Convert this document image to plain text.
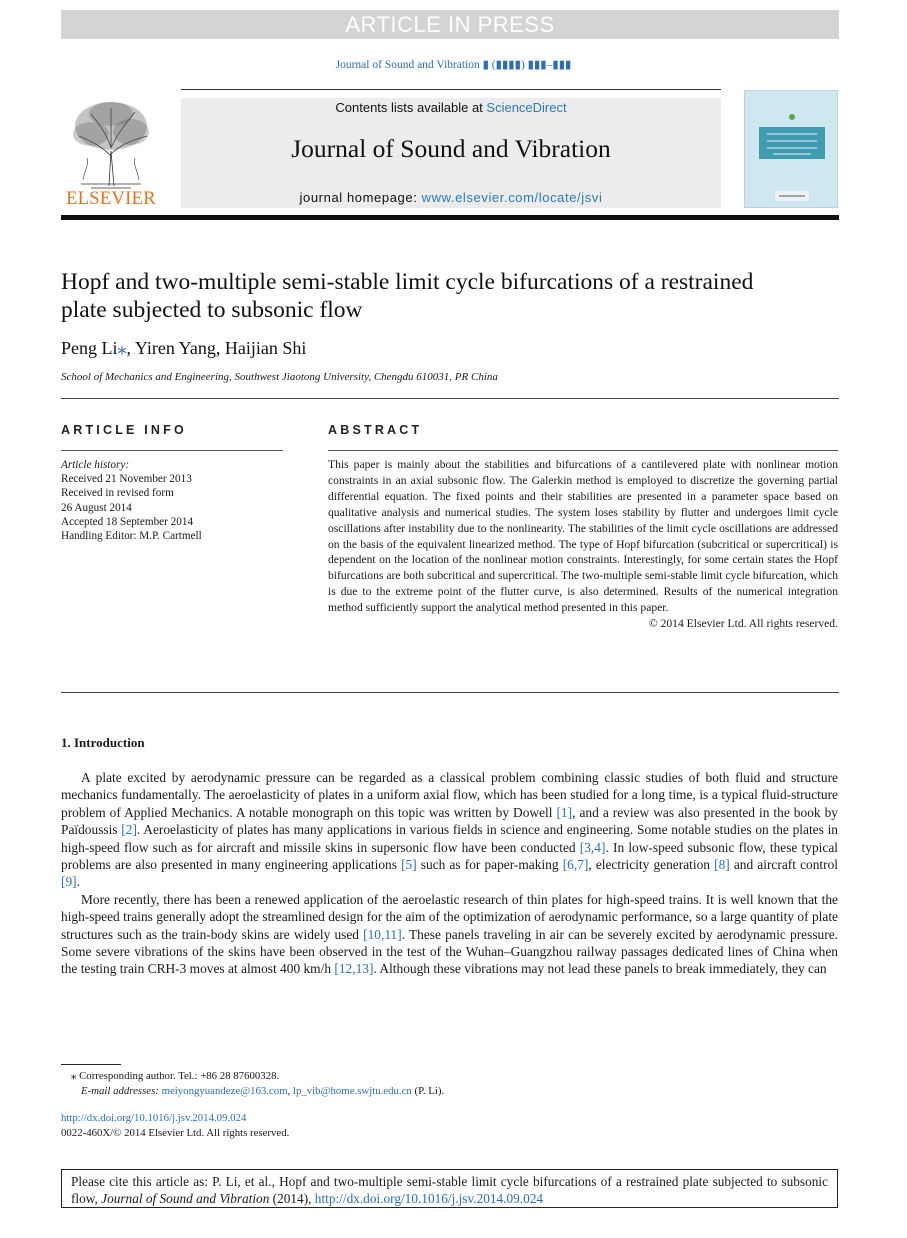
ARTICLE IN PRESS
Journal of Sound and Vibration ▮ (▮▮▮▮) ▮▮▮–▮▮▮
ELSEVIER
Contents lists available at ScienceDirect
Journal of Sound and Vibration
journal homepage: www.elsevier.com/locate/jsvi
Hopf and two-multiple semi-stable limit cycle bifurcations of a restrained plate subjected to subsonic flow
Peng Li⁎, Yiren Yang, Haijian Shi
School of Mechanics and Engineering, Southwest Jiaotong University, Chengdu 610031, PR China
ARTICLE INFO
Article history:
Received 21 November 2013
Received in revised form
26 August 2014
Accepted 18 September 2014
Handling Editor: M.P. Cartmell
ABSTRACT
This paper is mainly about the stabilities and bifurcations of a cantilevered plate with nonlinear motion constraints in an axial subsonic flow. The Galerkin method is employed to discretize the governing partial differential equation. The fixed points and their stabilities are presented in a parameter space based on qualitative analysis and numerical studies. The system loses stability by flutter and undergoes limit cycle oscillations after instability due to the nonlinearity. The stabilities of the limit cycle oscillations are addressed on the basis of the equivalent linearized method. The type of Hopf bifurcation (subcritical or supercritical) is dependent on the location of the nonlinear motion constraints. Interestingly, for some certain states the Hopf bifurcations are both subcritical and supercritical. The two-multiple semi-stable limit cycle bifurcation, which is due to the extreme point of the flutter curve, is also determined. Results of the numerical integration method sufficiently support the analytical method presented in this paper.
© 2014 Elsevier Ltd. All rights reserved.
1. Introduction

A plate excited by aerodynamic pressure can be regarded as a classical problem combining classic studies of both fluid and structure mechanics fundamentally. The aeroelasticity of plates in a uniform axial flow, which has been studied for a long time, is a typical fluid-structure problem of Applied Mechanics. A notable monograph on this topic was written by Dowell [1], and a review was also presented in the book by Païdoussis [2]. Aeroelasticity of plates has many applications in various fields in science and engineering. Some notable studies on the plates in high-speed flow such as for aircraft and missile skins in supersonic flow have been conducted [3,4]. In low-speed subsonic flow, these typical problems are also presented in many engineering applications [5] such as for paper-making [6,7], electricity generation [8] and aircraft control [9].

More recently, there has been a renewed application of the aeroelastic research of thin plates for high-speed trains. It is well known that the high-speed trains generally adopt the streamlined design for the aim of the optimization of aerodynamic performance, so a large quantity of plate structures such as the train-body skins are widely used [10,11]. These panels traveling in air can be severely excited by aerodynamic pressure. Some severe vibrations of the skins have been observed in the test of the Wuhan–Guangzhou railway passages dedicated lines of China when the testing train CRH-3 moves at almost 400 km/h [12,13]. Although these vibrations may not lead these panels to break immediately, they can

⁎ Corresponding author. Tel.: +86 28 87600328.
E-mail addresses: meiyongyuandeze@163.com, lp_vib@home.swjtu.edu.cn (P. Li).
http://dx.doi.org/10.1016/j.jsv.2014.09.024
0022-460X/© 2014 Elsevier Ltd. All rights reserved.
Please cite this article as: P. Li, et al., Hopf and two-multiple semi-stable limit cycle bifurcations of a restrained plate subjected to subsonic flow, Journal of Sound and Vibration (2014), http://dx.doi.org/10.1016/j.jsv.2014.09.024
